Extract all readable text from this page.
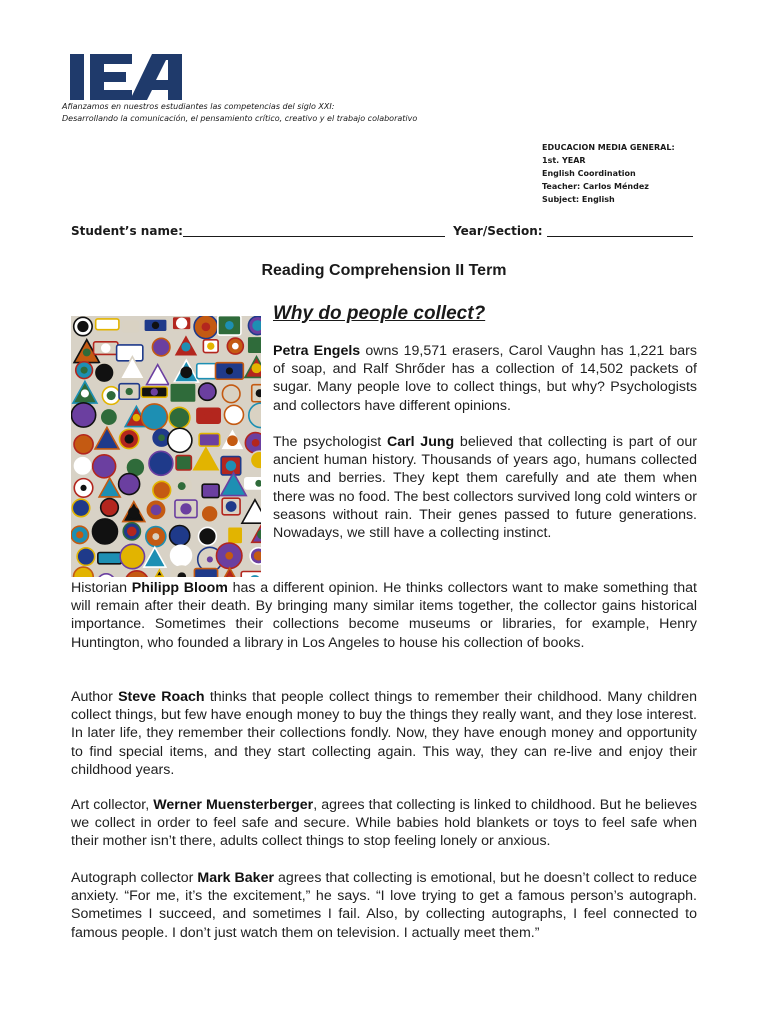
Afianzamos en nuestros estudiantes las competencias del siglo XXI:
Desarrollando la comunicación, el pensamiento crítico, creativo y el trabajo colaborativo
EDUCACION MEDIA GENERAL:
1st. YEAR
English Coordination
Teacher: Carlos Méndez
Subject: English
Student’s name:	Year/Section:
Reading Comprehension II Term
Why do people collect?

Petra Engels owns 19,571 erasers, Carol Vaughn has 1,221 bars of soap, and Ralf Shrőder has a collection of 14,502 packets of sugar. Many people love to collect things, but why? Psychologists and collectors have different opinions.

The psychologist Carl Jung believed that collecting is part of our ancient human history. Thousands of years ago, humans collected nuts and berries. They kept them carefully and ate them when there was no food. The best collectors survived long cold winters or seasons without rain. Their genes passed to future generations. Nowadays, we still have a collecting instinct.

Historian Philipp Bloom has a different opinion. He thinks collectors want to make something that will remain after their death. By bringing many similar items together, the collector gains historical importance. Sometimes their collections become museums or libraries, for example, Henry Huntington, who founded a library in Los Angeles to house his collection of books.

Author Steve Roach thinks that people collect things to remember their childhood. Many children collect things, but few have enough money to buy the things they really want, and they lose interest. In later life, they remember their collections fondly. Now, they have enough money and opportunity to find special items, and they start collecting again. This way, they can re-live and enjoy their childhood years.

Art collector, Werner Muensterberger, agrees that collecting is linked to childhood. But he believes we collect in order to feel safe and secure. While babies hold blankets or toys to feel safe when their mother isn’t there, adults collect things to stop feeling lonely or anxious.

Autograph collector Mark Baker agrees that collecting is emotional, but he doesn’t collect to reduce anxiety. “For me, it’s the excitement,” he says. “I love trying to get a famous person’s autograph. Sometimes I succeed, and sometimes I fail. Also, by collecting autographs, I feel connected to famous people. I don’t just watch them on television. I actually meet them.”
